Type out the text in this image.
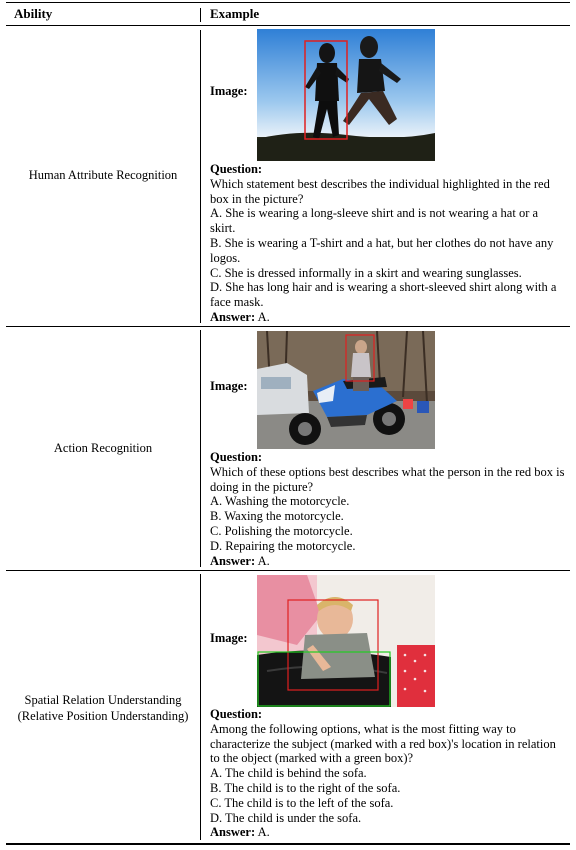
Ability	Example
Human Attribute Recognition
Image:
Question:
Which statement best describes the individual highlighted in the red box in the picture?
A. She is wearing a long-sleeve shirt and is not wearing a hat or a skirt.
B. She is wearing a T-shirt and a hat, but her clothes do not have any logos.
C. She is dressed informally in a skirt and wearing sunglasses.
D. She has long hair and is wearing a short-sleeved shirt along with a face mask.
Answer: A.
Action Recognition
Image:
Question:
Which of these options best describes what the person in the red box is doing in the picture?
A. Washing the motorcycle.
B. Waxing the motorcycle.
C. Polishing the motorcycle.
D. Repairing the motorcycle.
Answer: A.
Spatial Relation Understanding
(Relative Position Understanding)
Image:
Question:
Among the following options, what is the most fitting way to characterize the subject (marked with a red box)'s location in relation to the object (marked with a green box)?
A. The child is behind the sofa.
B. The child is to the right of the sofa.
C. The child is to the left of the sofa.
D. The child is under the sofa.
Answer: A.
